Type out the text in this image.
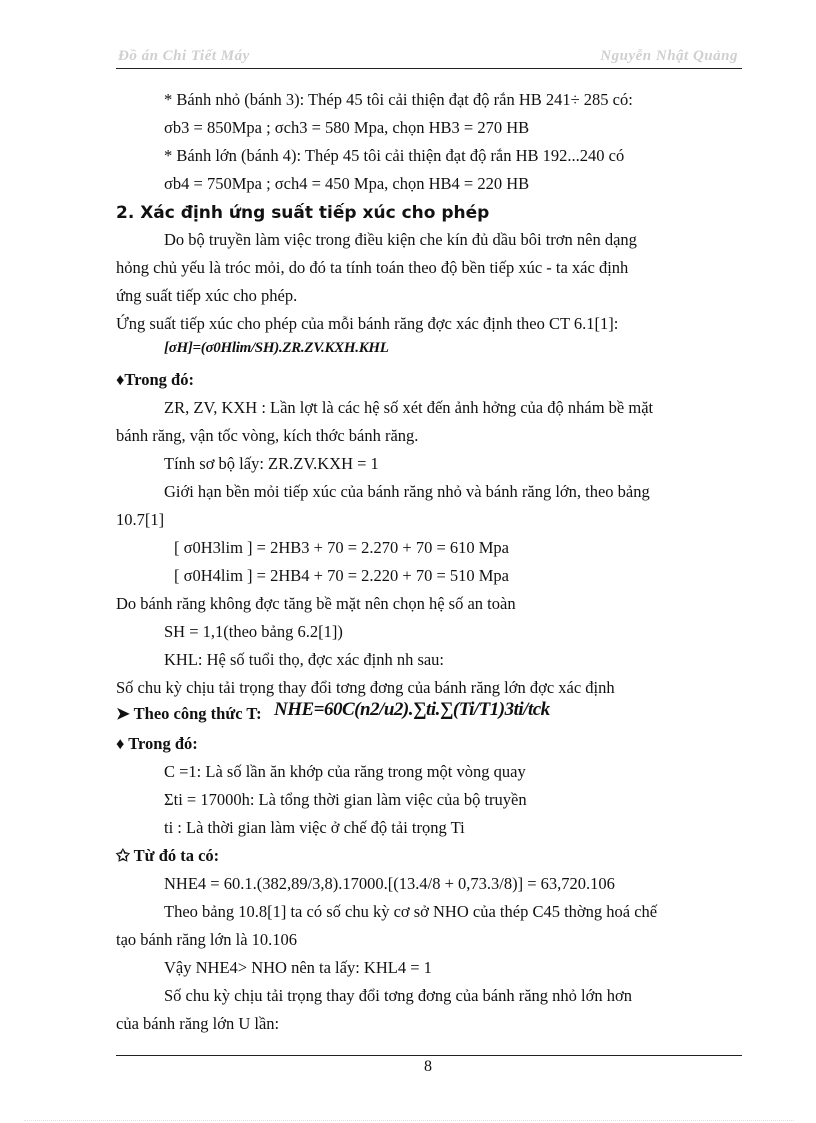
Đồ án Chi Tiết Máy	Nguyễn Nhật Quảng
* Bánh nhỏ (bánh 3): Thép 45 tôi cải thiện đạt độ rắn HB 241÷ 285 có:
σb3 = 850Mpa ; σch3 = 580 Mpa, chọn HB3 = 270 HB
* Bánh lớn (bánh 4): Thép 45 tôi cải thiện đạt độ rắn HB 192...240 có
σb4 = 750Mpa ; σch4 = 450 Mpa, chọn HB4 = 220 HB
2. Xác định ứng suất tiếp xúc cho phép
Do bộ truyền làm việc trong điều kiện che kín đủ dầu bôi trơn nên dạng
hỏng chủ yếu là tróc mỏi, do đó ta tính toán theo độ bền tiếp xúc - ta xác định
ứng suất tiếp xúc cho phép.
Ứng suất tiếp xúc cho phép của mỗi bánh răng đợc xác định theo CT 6.1[1]:
[σH]=(σ0Hlim/SH).ZR.ZV.KXH.KHL
♦Trong đó:
ZR, ZV, KXH : Lần lợt là các hệ số xét đến ảnh hởng của độ nhám bề mặt
bánh răng, vận tốc vòng, kích thớc bánh răng.
Tính sơ bộ lấy: ZR.ZV.KXH = 1
Giới hạn bền mỏi tiếp xúc của bánh răng nhỏ và bánh răng lớn, theo bảng
10.7[1]
[ σ0H3lim ] = 2HB3 + 70 = 2.270 + 70 = 610 Mpa
[ σ0H4lim ] = 2HB4 + 70 = 2.220 + 70 = 510 Mpa
Do bánh răng không đợc tăng bề mặt nên chọn hệ số an toàn
SH = 1,1(theo bảng 6.2[1])
KHL: Hệ số tuổi thọ, đợc xác định nh sau:
Số chu kỳ chịu tải trọng thay đổi tơng đơng của bánh răng lớn đợc xác định
➤ Theo công thức T: NHE=60C(n2/u2).∑ti.∑(Ti/T1)3ti/tck
♦ Trong đó:
C =1: Là số lần ăn khớp của răng trong một vòng quay
Σti = 17000h: Là tổng thời gian làm việc của bộ truyền
ti : Là thời gian làm việc ở chế độ tải trọng Ti
✩ Từ đó ta có:
NHE4 = 60.1.(382,89/3,8).17000.[(13.4/8 + 0,73.3/8)] = 63,720.106
Theo bảng 10.8[1] ta có số chu kỳ cơ sở NHO của thép C45 thờng hoá chế
tạo bánh răng lớn là 10.106
Vậy NHE4> NHO nên ta lấy: KHL4 = 1
Số chu kỳ chịu tải trọng thay đổi tơng đơng của bánh răng nhỏ lớn hơn
của bánh răng lớn U lần:
8
